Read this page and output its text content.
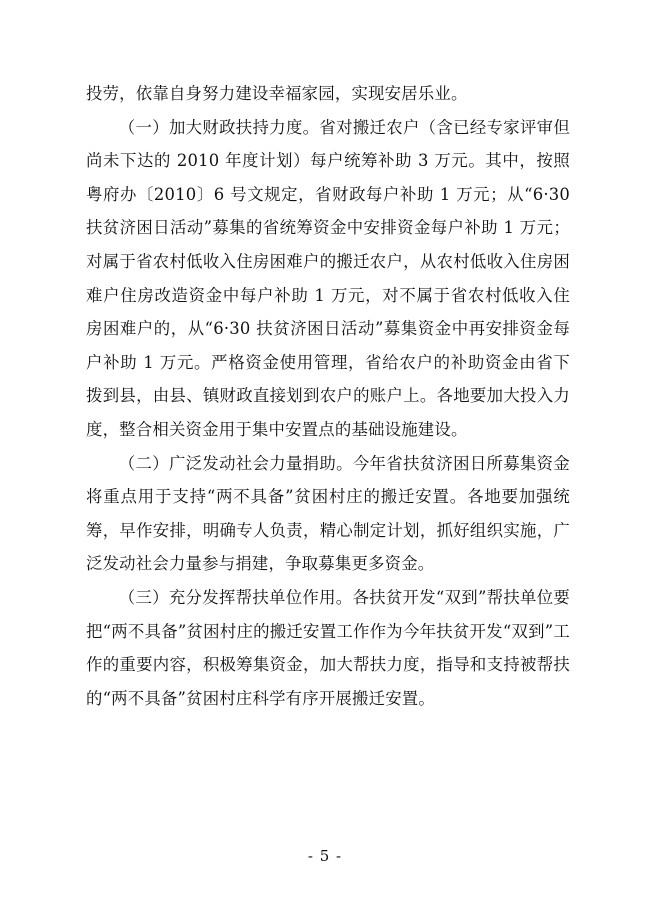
投劳，依靠自身努力建设幸福家园，实现安居乐业。

（一）加大财政扶持力度。省对搬迁农户（含已经专家评审但尚未下达的 2010 年度计划）每户统筹补助 3 万元。其中，按照粤府办〔2010〕6 号文规定，省财政每户补助 1 万元；从“6·30 扶贫济困日活动”募集的省统筹资金中安排资金每户补助 1 万元；对属于省农村低收入住房困难户的搬迁农户，从农村低收入住房困难户住房改造资金中每户补助 1 万元，对不属于省农村低收入住房困难户的，从“6·30 扶贫济困日活动”募集资金中再安排资金每户补助 1 万元。严格资金使用管理，省给农户的补助资金由省下拨到县，由县、镇财政直接划到农户的账户上。各地要加大投入力度，整合相关资金用于集中安置点的基础设施建设。

（二）广泛发动社会力量捐助。今年省扶贫济困日所募集资金将重点用于支持“两不具备”贫困村庄的搬迁安置。各地要加强统筹，早作安排，明确专人负责，精心制定计划，抓好组织实施，广泛发动社会力量参与捐建，争取募集更多资金。

（三）充分发挥帮扶单位作用。各扶贫开发“双到”帮扶单位要把“两不具备”贫困村庄的搬迁安置工作作为今年扶贫开发“双到”工作的重要内容，积极筹集资金，加大帮扶力度，指导和支持被帮扶的“两不具备”贫困村庄科学有序开展搬迁安置。

- 5 -
